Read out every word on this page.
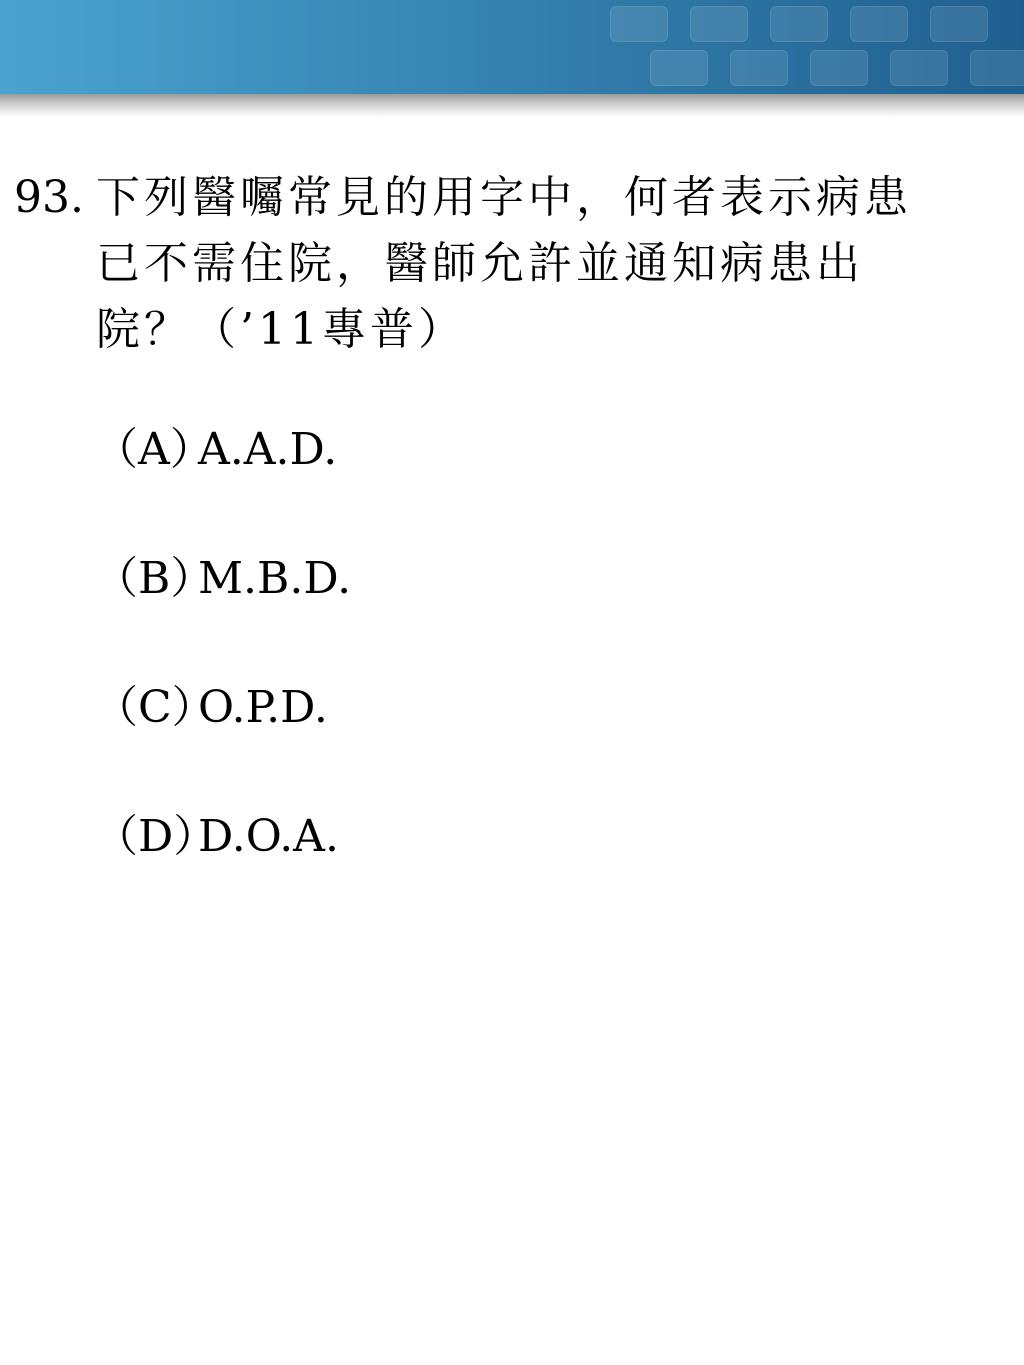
93. 下列醫囑常見的用字中，何者表示病患
已不需住院，醫師允許並通知病患出
院？（’11專普）
（A）A.A.D.
（B）M.B.D.
（C）O.P.D.
（D）D.O.A.
